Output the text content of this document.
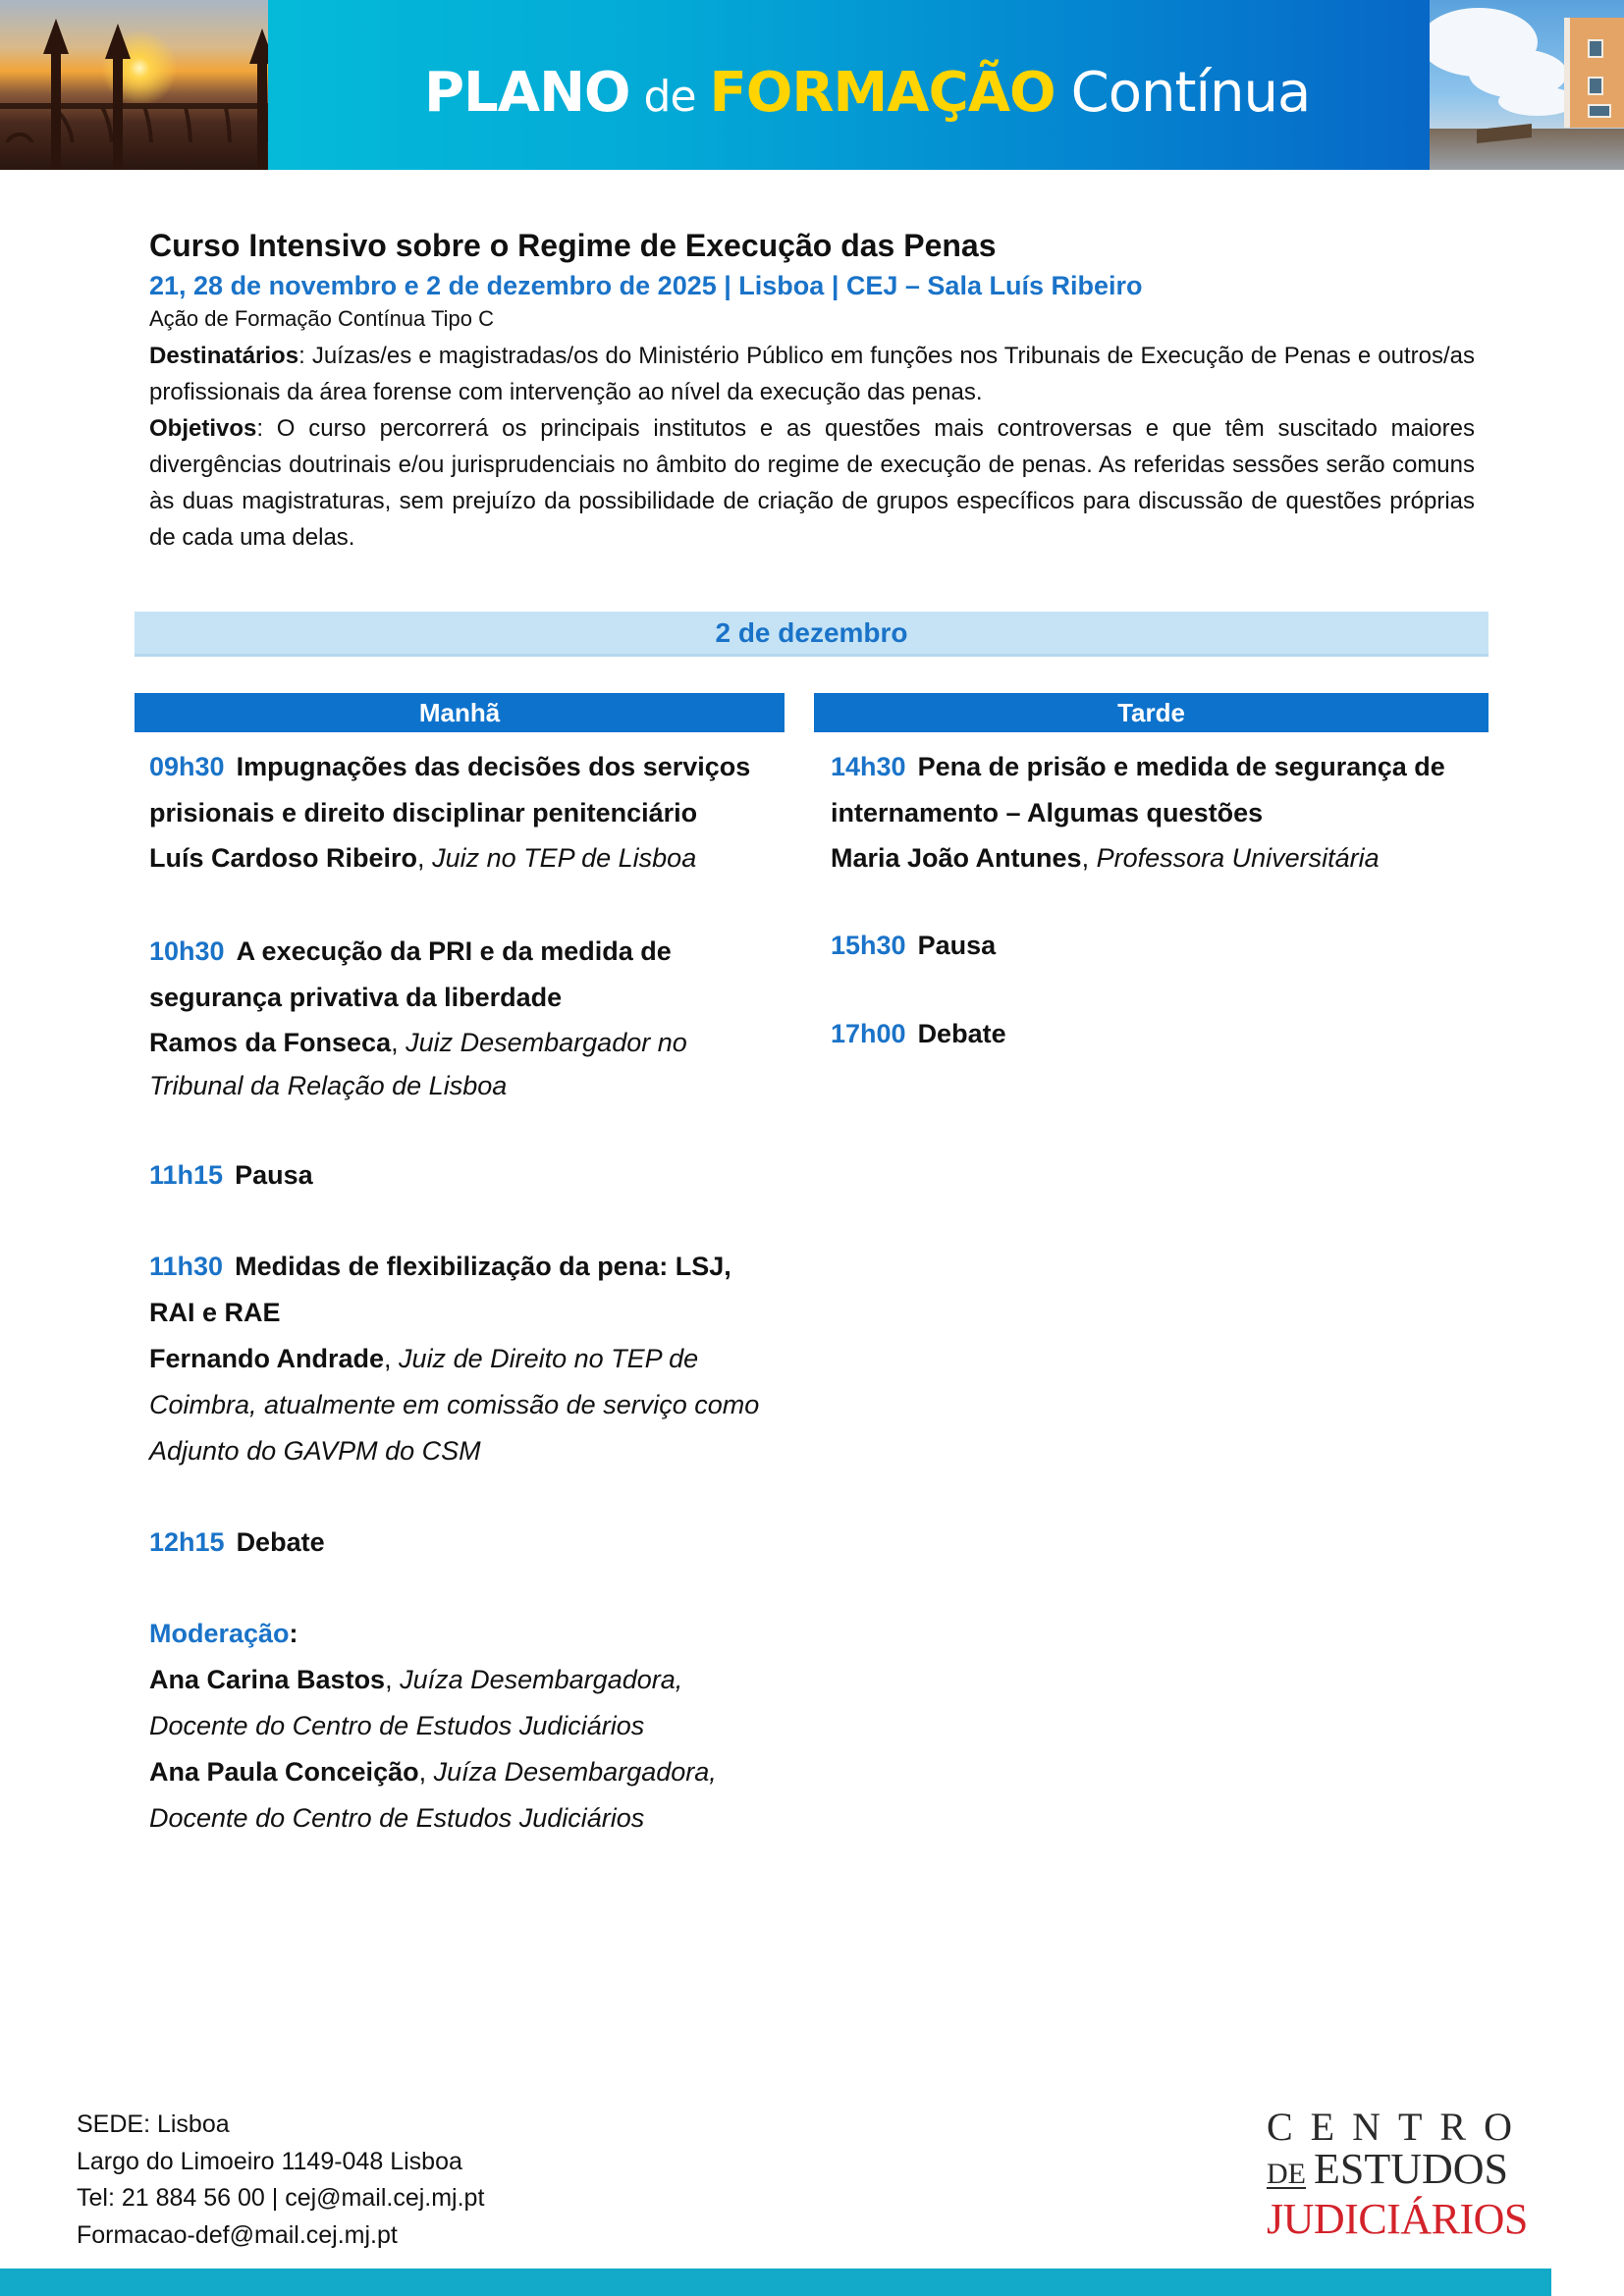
PLANO de FORMAÇÃO Contínua
Curso Intensivo sobre o Regime de Execução das Penas

21, 28 de novembro e 2 de dezembro de 2025 | Lisboa | CEJ – Sala Luís Ribeiro

Ação de Formação Contínua Tipo C

Destinatários: Juízas/es e magistradas/os do Ministério Público em funções nos Tribunais de Execução de Penas e outros/as profissionais da área forense com intervenção ao nível da execução das penas.

Objetivos: O curso percorrerá os principais institutos e as questões mais controversas e que têm suscitado maiores divergências doutrinais e/ou jurisprudenciais no âmbito do regime de execução de penas. As referidas sessões serão comuns às duas magistraturas, sem prejuízo da possibilidade de criação de grupos específicos para discussão de questões próprias de cada uma delas.

2 de dezembro
Manhã	Tarde

09h30 Impugnações das decisões dos serviços prisionais e direito disciplinar penitenciário

Luís Cardoso Ribeiro, Juiz no TEP de Lisboa

10h30 A execução da PRI e da medida de segurança privativa da liberdade

Ramos da Fonseca, Juiz Desembargador no Tribunal da Relação de Lisboa

11h15 Pausa

11h30 Medidas de flexibilização da pena: LSJ, RAI e RAE

Fernando Andrade, Juiz de Direito no TEP de Coimbra, atualmente em comissão de serviço como Adjunto do GAVPM do CSM

12h15 Debate

Moderação:

Ana Carina Bastos, Juíza Desembargadora, Docente do Centro de Estudos Judiciários

Ana Paula Conceição, Juíza Desembargadora, Docente do Centro de Estudos Judiciários

14h30 Pena de prisão e medida de segurança de internamento – Algumas questões

Maria João Antunes, Professora Universitária

15h30 Pausa

17h00 Debate

SEDE: Lisboa
Largo do Limoeiro 1149-048 Lisboa
Tel: 21 884 56 00 | cej@mail.cej.mj.pt
Formacao-def@mail.cej.mj.pt
CENTRO
DE ESTUDOS
JUDICIÁRIOS
